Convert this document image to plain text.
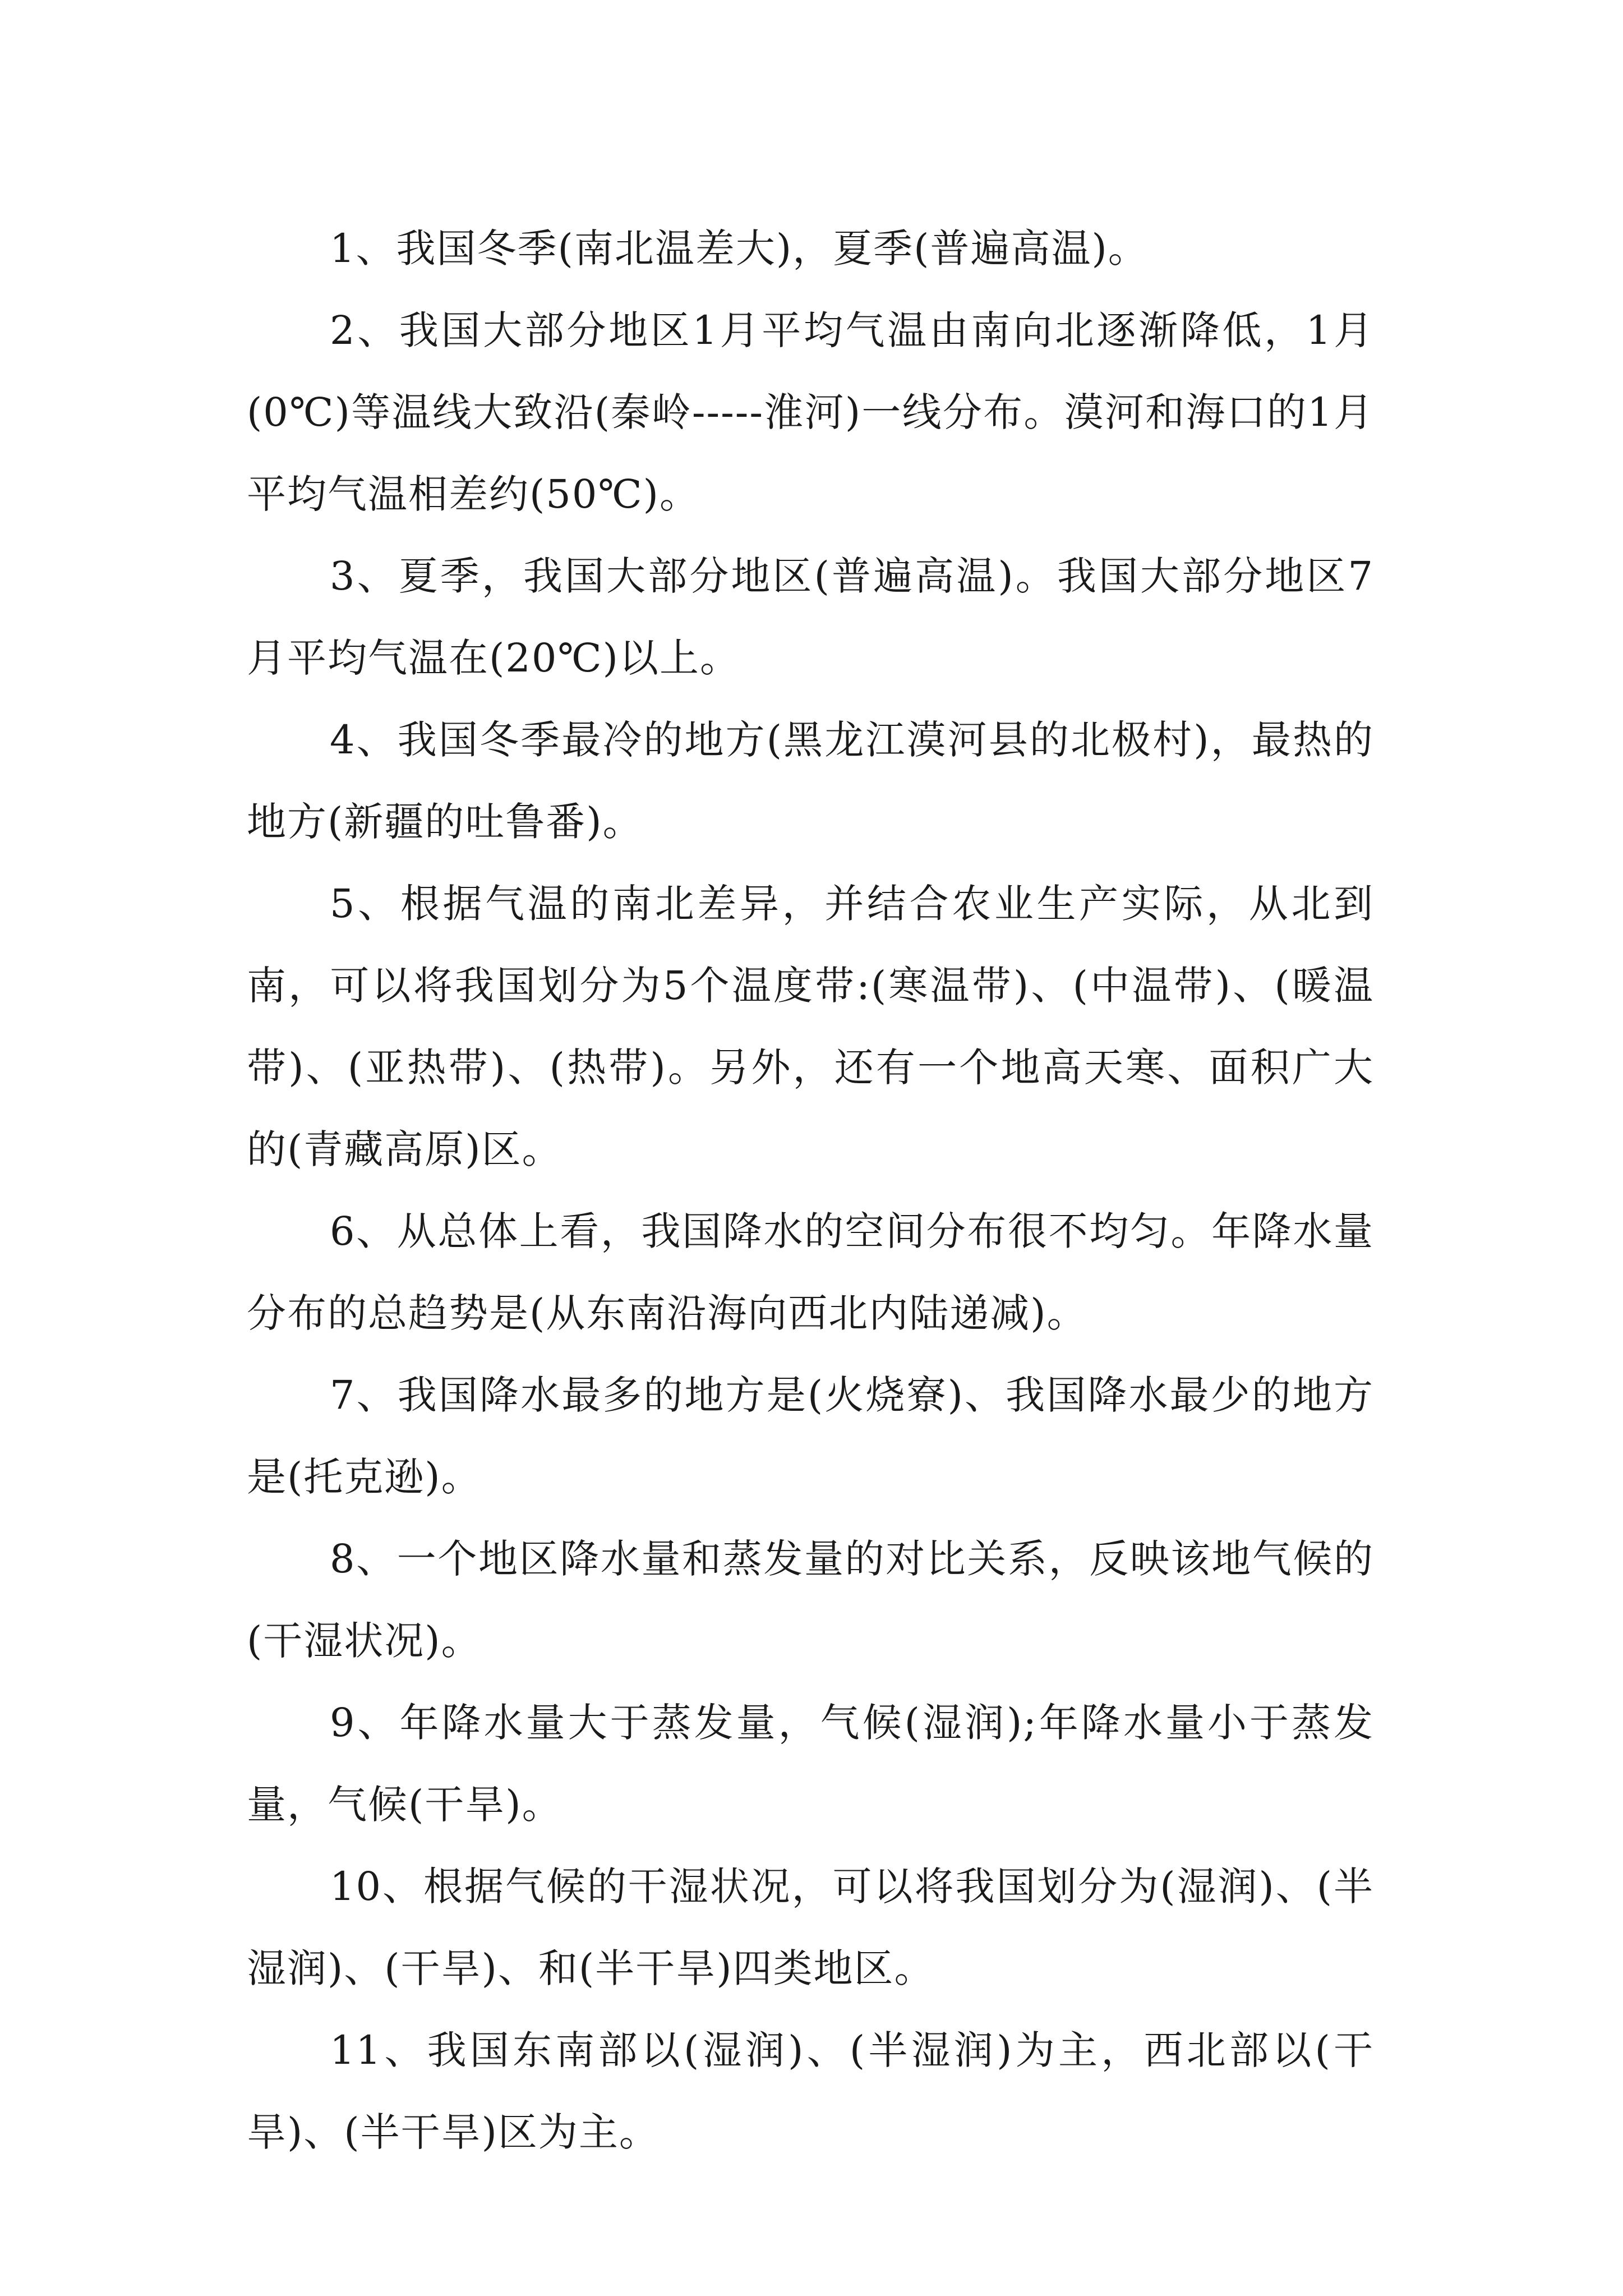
1、我国冬季(南北温差大)，夏季(普遍高温)。

2、我国大部分地区1月平均气温由南向北逐渐降低，1月(0℃)等温线大致沿(秦岭-----淮河)一线分布。漠河和海口的1月平均气温相差约(50℃)。

3、夏季，我国大部分地区(普遍高温)。我国大部分地区7月平均气温在(20℃)以上。

4、我国冬季最冷的地方(黑龙江漠河县的北极村)，最热的地方(新疆的吐鲁番)。

5、根据气温的南北差异，并结合农业生产实际，从北到南，可以将我国划分为5个温度带:(寒温带)、(中温带)、(暖温带)、(亚热带)、(热带)。另外，还有一个地高天寒、面积广大的(青藏高原)区。

6、从总体上看，我国降水的空间分布很不均匀。年降水量分布的总趋势是(从东南沿海向西北内陆递减)。

7、我国降水最多的地方是(火烧寮)、我国降水最少的地方是(托克逊)。

8、一个地区降水量和蒸发量的对比关系，反映该地气候的(干湿状况)。

9、年降水量大于蒸发量，气候(湿润);年降水量小于蒸发量，气候(干旱)。

10、根据气候的干湿状况，可以将我国划分为(湿润)、(半湿润)、(干旱)、和(半干旱)四类地区。

11、我国东南部以(湿润)、(半湿润)为主，西北部以(干旱)、(半干旱)区为主。
